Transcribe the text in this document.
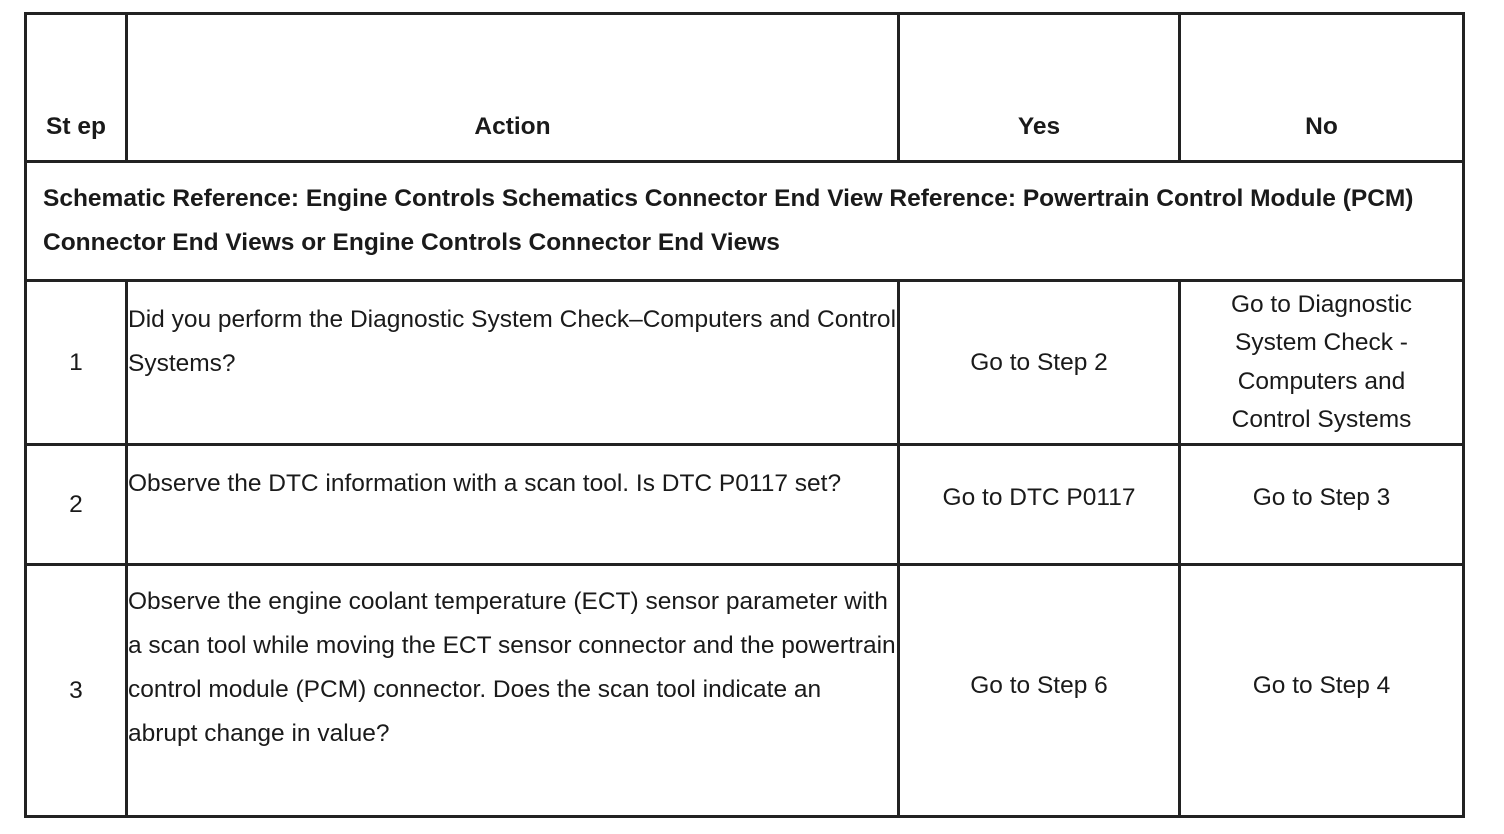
St ep	Action	Yes	No
Schematic Reference: Engine Controls Schematics Connector End View Reference: Powertrain Control Module (PCM) Connector End Views or Engine Controls Connector End Views			
1	Did you perform the Diagnostic System Check–Computers and Control Systems?	Go to Step 2	Go to Diagnostic System Check - Computers and Control Systems
2	Observe the DTC information with a scan tool. Is DTC P0117 set?	Go to DTC P0117	Go to Step 3
3	Observe the engine coolant temperature (ECT) sensor parameter with a scan tool while moving the ECT sensor connector and the powertrain control module (PCM) connector. Does the scan tool indicate an abrupt change in value?	Go to Step 6	Go to Step 4
